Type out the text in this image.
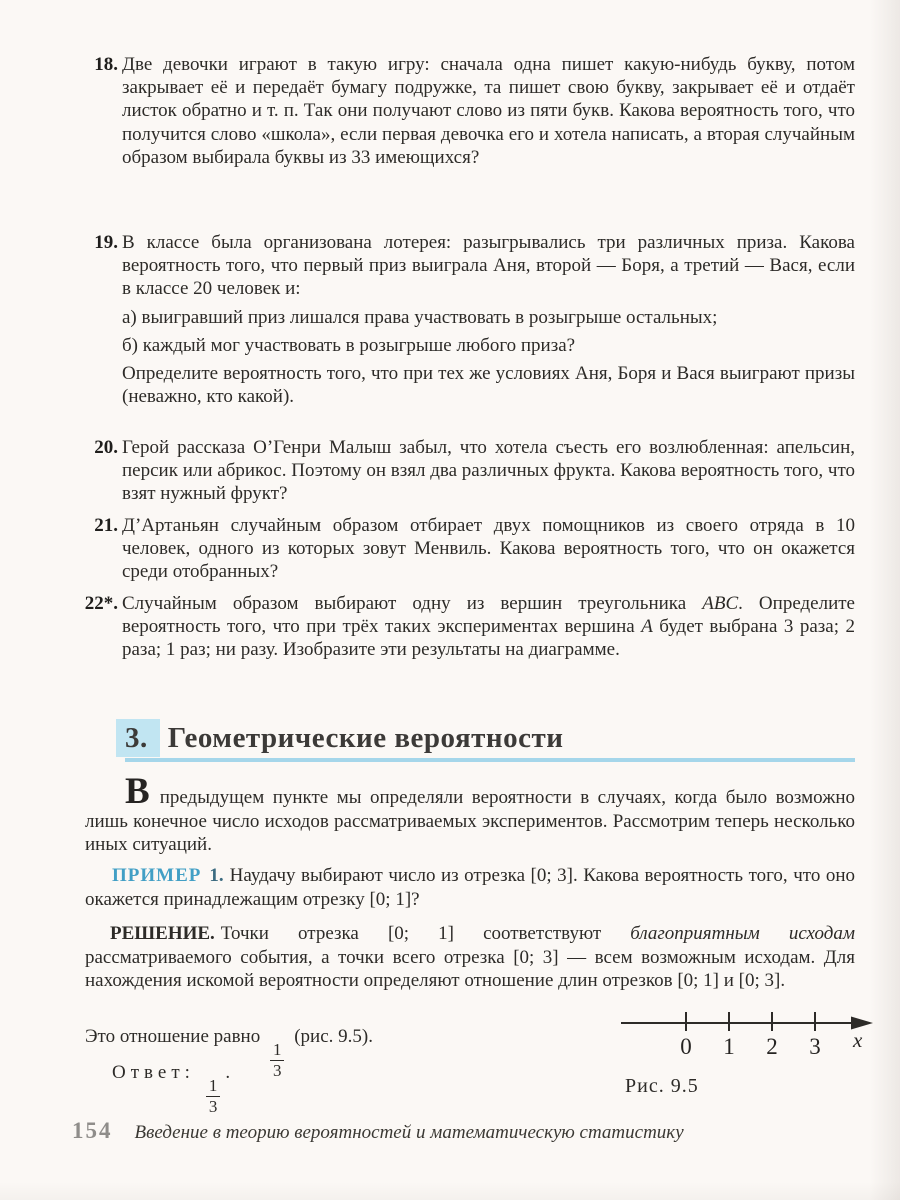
18. Две девочки играют в такую игру: сначала одна пишет какую-нибудь букву, потом закрывает её и передаёт бумагу подружке, та пишет свою букву, закрывает её и отдаёт листок обратно и т. п. Так они получают слово из пяти букв. Какова вероятность того, что получится слово «школа», если первая девочка его и хотела написать, а вторая случайным образом выбирала буквы из 33 имеющихся?
19. В классе была организована лотерея: разыгрывались три различных приза. Какова вероятность того, что первый приз выиграла Аня, второй — Боря, а третий — Вася, если в классе 20 человек и:
а) выигравший приз лишался права участвовать в розыгрыше остальных;
б) каждый мог участвовать в розыгрыше любого приза?
Определите вероятность того, что при тех же условиях Аня, Боря и Вася выиграют призы (неважно, кто какой).
20. Герой рассказа О’Генри Малыш забыл, что хотела съесть его возлюбленная: апельсин, персик или абрикос. Поэтому он взял два различных фрукта. Какова вероятность того, что взят нужный фрукт?
21. Д’Артаньян случайным образом отбирает двух помощников из своего отряда в 10 человек, одного из которых зовут Менвиль. Какова вероятность того, что он окажется среди отобранных?
22*. Случайным образом выбирают одну из вершин треугольника ABC. Определите вероятность того, что при трёх таких экспериментах вершина A будет выбрана 3 раза; 2 раза; 1 раз; ни разу. Изобразите эти результаты на диаграмме.
3. Геометрические вероятности

Впредыдущем пункте мы определяли вероятности в случаях, когда было возможно лишь конечное число исходов рассматриваемых экспериментов. Рассмотрим теперь несколько иных ситуаций.

ПРИМЕР 1. Наудачу выбирают число из отрезка [0; 3]. Какова вероятность того, что оно окажется принадлежащим отрезку [0; 1]?

РЕШЕНИЕ. Точки отрезка [0; 1] соответствуют благоприятным исходам рассматриваемого события, а точки всего отрезка [0; 3] — всем возможным исходам. Для нахождения искомой вероятности определяют отношение длин отрезков [0; 1] и [0; 3].

Это отношение равно
$\frac{1}{3}$
(рис. 9.5).
Ответ:
$\frac{1}{3}$
.
0 1 2 3 x
Рис. 9.5
154 Введение в теорию вероятностей и математическую статистику
